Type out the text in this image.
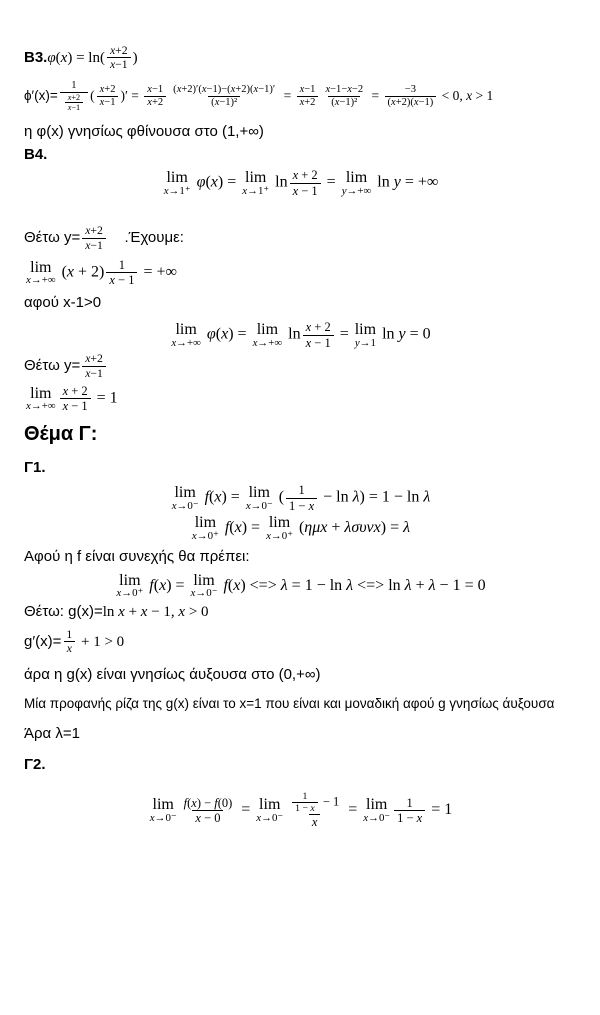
$B3.\varphi(x) = \ln( \frac{x+2}{x-1}$ )
$\phi'(x)= \frac{1}{\frac{x+2}{x-1}}$ ( $\frac{x+2}{x-1}$ )′ = $\frac{x-1}{x+2} \frac{(x+2)'(x-1)-(x+2)(x-1)'}{\text{(x−1)²}} = \frac{x-1}{x+2} \frac{x-1-x-2}{\text{(x−1)²}} = \frac{-3}{(x+2)(x-1)} < 0$, x > 1
η φ(x) γνησίως φθίνουσα στο (1,+∞)
B4.
lim
x→1⁺ φ(x) = lim
x→1⁺ $\ln \frac{x + 2}{x - 1} = \lim$
y→+∞ ln y = +∞
Θέτω $y= \frac{x+2}{x-1} .Έ\chi o\upsilon\mu\varepsilon$:
lim
x→+∞ $(x + 2) \frac{1}{x - 1}$ = +∞
αφού x-1>0
lim
x→+∞ φ(x) = lim
x→+∞ $\ln \frac{x + 2}{x - 1} = \lim$
y→1 ln y = 0
Θέτω $y= \frac{x+2}{x-1}$
lim
$x\to+\infty \frac{x + 2}{x - 1} = 1$
Θέμα Γ:
Γ1.
lim
x→0⁻ f(x) = lim
x→0⁻ ( $\frac{1}{1 - x} - \ln \lambda) = 1 - \ln \lambda$
lim
x→0⁺ f(x) = lim
x→0⁺ (ημx + λσυνx) = λ
Αφού η f είναι συνεχής θα πρέπει:
lim
x→0⁺ f(x) = lim
x→0⁻ f(x) <=> λ = 1 − ln λ <=> ln λ + λ − 1 = 0
Θέτω: g(x)=ln x + x − 1, x > 0
$g'(x)= \frac{1}{x} + 1 > 0$
άρα η g(x) είναι γνησίως άυξουσα στο (0,+∞)
Μία προφανής ρίζα της g(x) είναι το x=1 που είναι και μοναδική αφού g γνησίως άυξουσα
Άρα λ=1
Γ2.
lim
$x\to 0^- \frac{f(x) - f(0)}{x - 0} = \lim$
$x\to 0^- \frac{\frac{1}{1 - x} - 1}{x} = \lim$
$x\to 0^- \frac{1}{1 - x} = 1$
